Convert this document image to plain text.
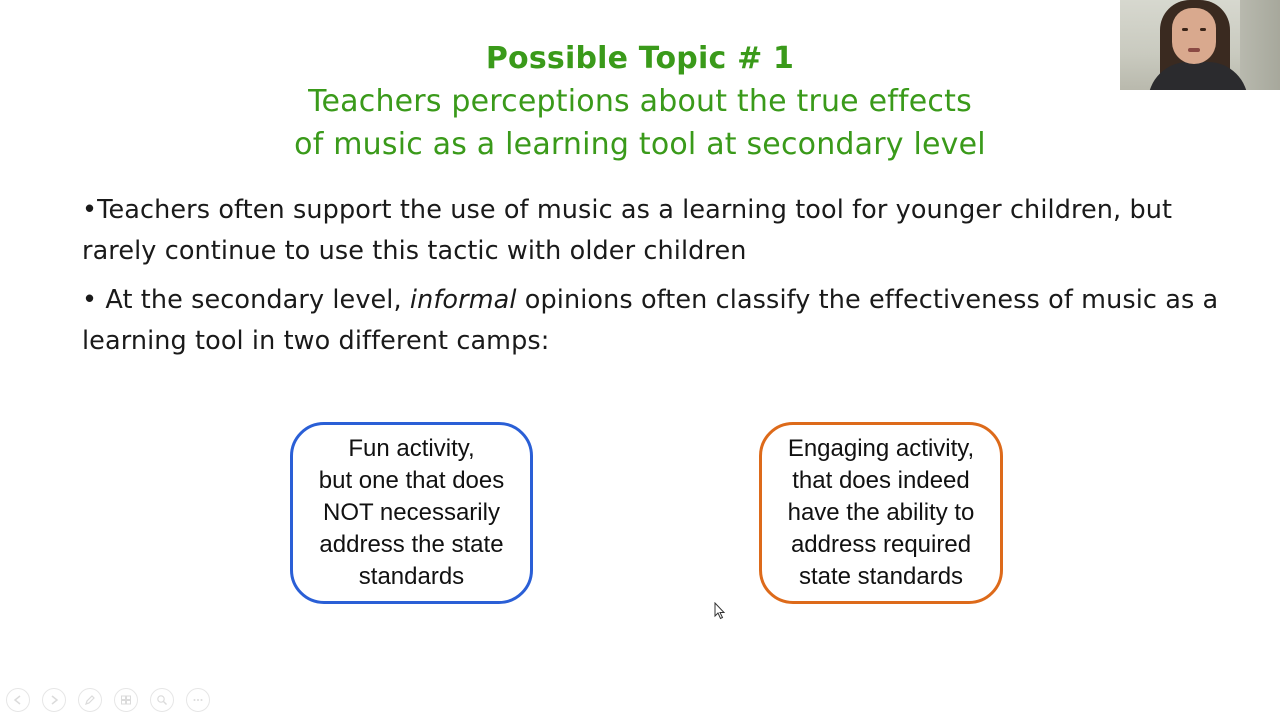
Possible Topic # 1
Teachers perceptions about the true effects
of music as a learning tool at secondary level

•Teachers often support the use of music as a learning tool for younger children, but rarely continue to use this tactic with older children

• At the secondary level, informal opinions often classify the effectiveness of music as a learning tool in two different camps:

Fun activity,
but one that does
NOT necessarily
address the state
standards
Engaging activity,
that does indeed
have the ability to
address required
state standards
